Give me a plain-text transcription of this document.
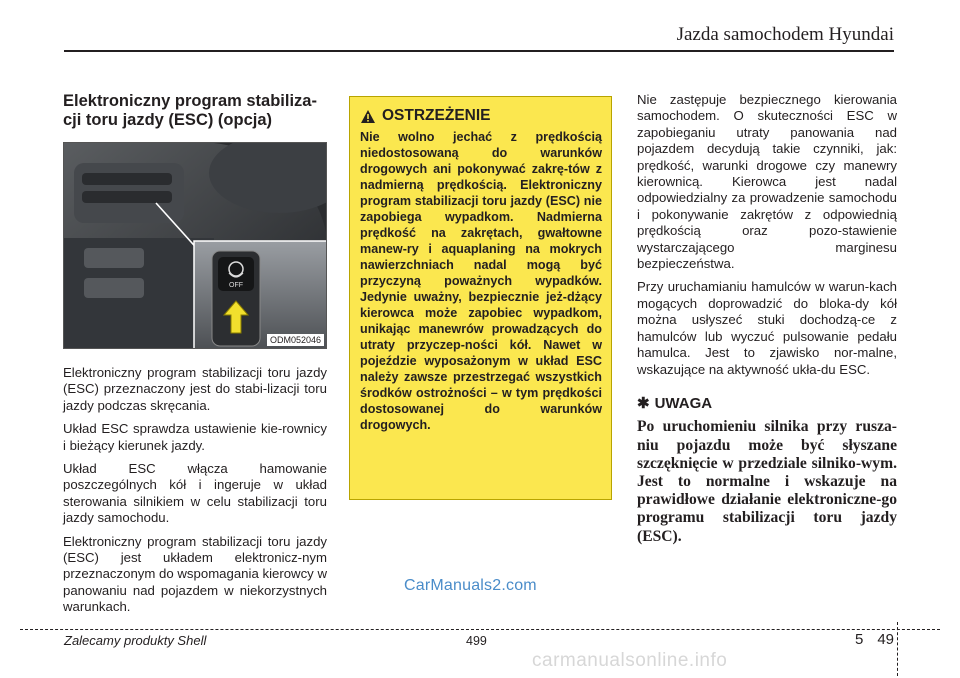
Jazda samochodem Hyundai
Elektroniczny program stabiliza-
cji toru jazdy (ESC) (opcja)
OFF
ODM052046

Elektroniczny program stabilizacji toru jazdy (ESC) przeznaczony jest do stabi-lizacji toru jazdy podczas skręcania.

Układ ESC sprawdza ustawienie kie-rownicy i bieżący kierunek jazdy.

Układ ESC włącza hamowanie poszczególnych kół i ingeruje w układ sterowania silnikiem w celu stabilizacji toru jazdy samochodu.

Elektroniczny program stabilizacji toru jazdy (ESC) jest układem elektronicz-nym przeznaczonym do wspomagania kierowcy w panowaniu nad pojazdem w niekorzystnych warunkach.

OSTRZEŻENIE
Nie wolno jechać z prędkością niedostosowaną do warunków drogowych ani pokonywać zakrę-tów z nadmierną prędkością. Elektroniczny program stabilizacji toru jazdy (ESC) nie zapobiega wypadkom. Nadmierna prędkość na zakrętach, gwałtowne manew-ry i aquaplaning na mokrych nawierzchniach nadal mogą być przyczyną poważnych wypadków. Jedynie uważny, bezpiecznie jeż-dżący kierowca może zapobiec wypadkom, unikając manewrów prowadzących do utraty przyczep-ności kół. Nawet w pojeździe wyposażonym w układ ESC należy zawsze przestrzegać wszystkich środków ostrożności – w tym prędkości dostosowanej do warunków drogowych.

Nie zastępuje bezpiecznego kierowania samochodem. O skuteczności ESC w zapobieganiu utraty panowania nad pojazdem decydują takie czynniki, jak: prędkość, warunki drogowe czy manewry kierownicą. Kierowca jest nadal odpowiedzialny za prowadzenie samochodu i pokonywanie zakrętów z odpowiednią prędkością oraz pozo-stawienie wystarczającego marginesu bezpieczeństwa.

Przy uruchamianiu hamulców w warun-kach mogących doprowadzić do bloka-dy kół można usłyszeć stuki dochodzą-ce z hamulców lub wyczuć pulsowanie pedału hamulca. Jest to zjawisko nor-malne, wskazujące na aktywność ukła-du ESC.

✱ UWAGA
Po uruchomieniu silnika przy rusza-niu pojazdu może być słyszane szczęknięcie w przedziale silniko-wym. Jest to normalne i wskazuje na prawidłowe działanie elektroniczne-go programu stabilizacji toru jazdy (ESC).
CarManuals2.com
Zalecamy produkty Shell	499	5 49
carmanualsonline.info
